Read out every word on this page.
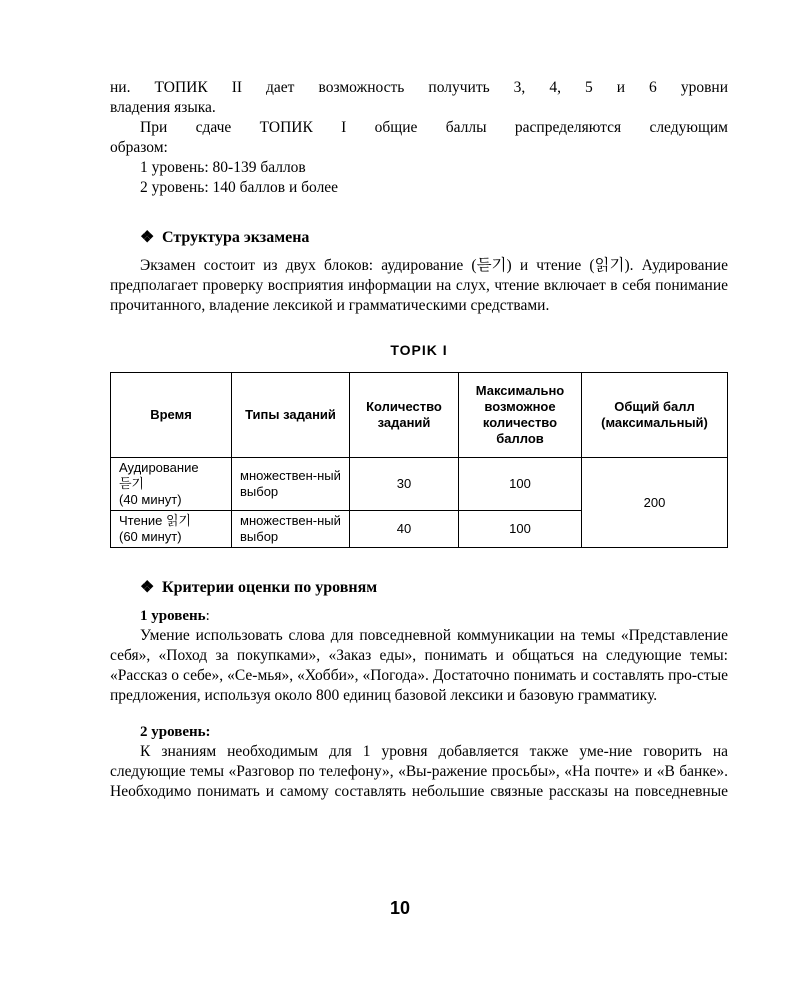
ни. ТОПИК II дает возможность получить 3, 4, 5 и 6 уровни

владения языка.

При сдаче ТОПИК I общие баллы распределяются следующим

образом:

1 уровень: 80-139 баллов

2 уровень: 140 баллов и более

❖ Структура экзамена

Экзамен состоит из двух блоков: аудирование (듣기) и чтение (읽기). Аудирование предполагает проверку восприятия информации на слух, чтение включает в себя понимание прочитанного, владение лексикой и грамматическими средствами.

TOPIK I

Время	Типы заданий	Количество заданий	Максимально возможное количество баллов	Общий балл (максимальный)

Аудирование
듣기
(40 минут)	множествен-ный выбор	30	100	200

Чтение 읽기
(60 минут)	множествен-ный выбор	40	100	

❖ Критерии оценки по уровням

1 уровень:

Умение использовать слова для повседневной коммуникации на темы «Представление себя», «Поход за покупками», «Заказ еды», понимать и общаться на следующие темы: «Рассказ о себе», «Се-мья», «Хобби», «Погода». Достаточно понимать и составлять про-стые предложения, используя около 800 единиц базовой лексики и базовую грамматику.

2 уровень:

К знаниям необходимым для 1 уровня добавляется также уме-ние говорить на следующие темы «Разговор по телефону», «Вы-ражение просьбы», «На почте» и «В банке». Необходимо понимать и самому составлять небольшие связные рассказы на повседневные

10
